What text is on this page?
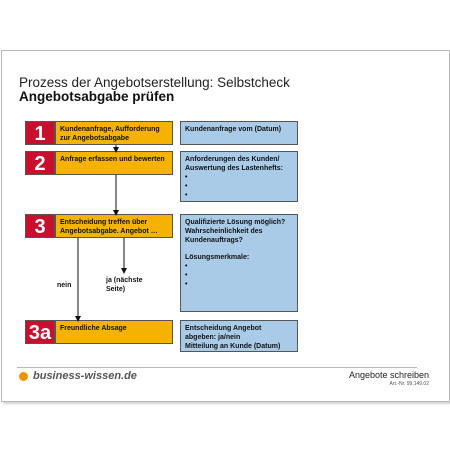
Prozess der Angebotserstellung: Selbstcheck
Angebotsabgabe prüfen
1	Kundenanfrage, Aufforderung zur Angebotsabgabe
Kundenanfrage vom (Datum)
2	Anfrage erfassen und bewerten	Anforderungen des Kunden/ Auswertung des Lastenhefts:
•
•
•
3	Entscheidung treffen über Angebotsabgabe. Angebot …
Qualifizierte Lösung möglich?
Wahrscheinlichkeit des Kundenauftrags?
Lösungsmerkmale:
•
•
•
nein
ja (nächste Seite)
3a	Freundliche Absage	Entscheidung Angebot abgeben: ja/nein
Mitteilung an Kunde (Datum)
business-wissen.de	Angebote schreiben
Art.-Nr. 99.149.02
